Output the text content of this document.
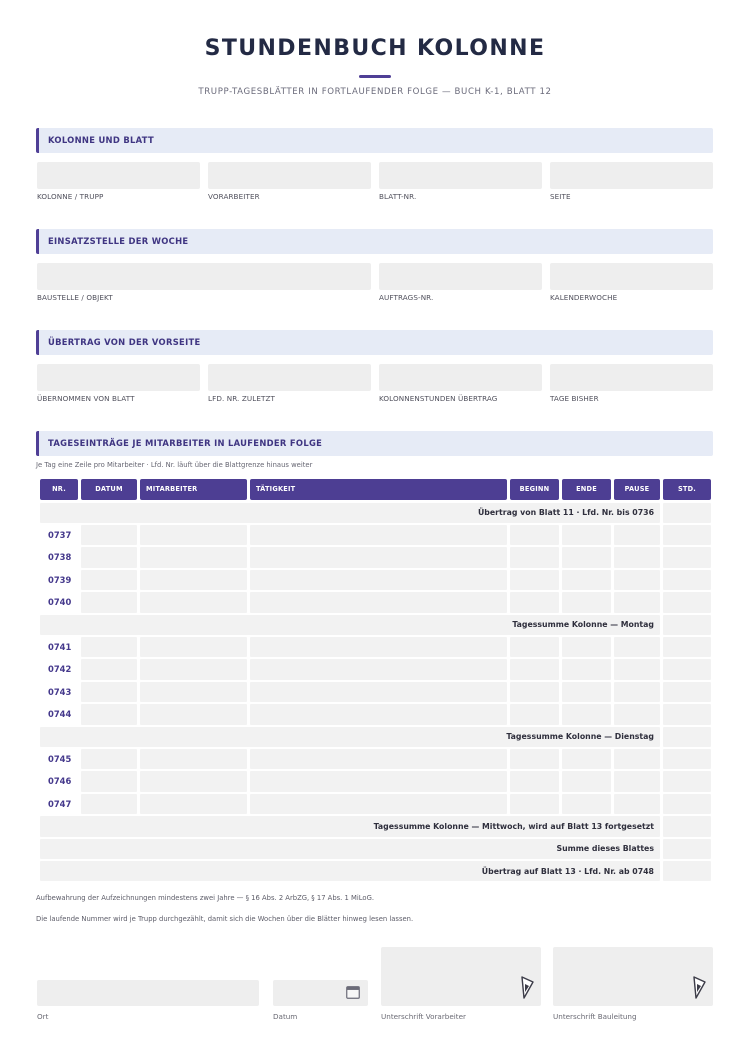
STUNDENBUCH KOLONNE
TRUPP-TAGESBLÄTTER IN FORTLAUFENDER FOLGE — BUCH K-1, BLATT 12
KOLONNE UND BLATT
KOLONNE / TRUPP	VORARBEITER	BLATT-NR.	SEITE
EINSATZSTELLE DER WOCHE
BAUSTELLE / OBJEKT	AUFTRAGS-NR.	KALENDERWOCHE
ÜBERTRAG VON DER VORSEITE
ÜBERNOMMEN VON BLATT	LFD. NR. ZULETZT	KOLONNENSTUNDEN ÜBERTRAG	TAGE BISHER
TAGESEINTRÄGE JE MITARBEITER IN LAUFENDER FOLGE
Je Tag eine Zeile pro Mitarbeiter · Lfd. Nr. läuft über die Blattgrenze hinaus weiter
NR.	DATUM	MITARBEITER	TÄTIGKEIT	BEGINN	ENDE	PAUSE	STD.
Übertrag von Blatt 11 · Lfd. Nr. bis 0736
0737
0738
0739
0740
Tagessumme Kolonne — Montag
0741
0742
0743
0744
Tagessumme Kolonne — Dienstag
0745
0746
0747
Tagessumme Kolonne — Mittwoch, wird auf Blatt 13 fortgesetzt
Summe dieses Blattes
Übertrag auf Blatt 13 · Lfd. Nr. ab 0748
Aufbewahrung der Aufzeichnungen mindestens zwei Jahre — § 16 Abs. 2 ArbZG, § 17 Abs. 1 MiLoG.
Die laufende Nummer wird je Trupp durchgezählt, damit sich die Wochen über die Blätter hinweg lesen lassen.
Ort	Datum	Unterschrift Vorarbeiter	Unterschrift Bauleitung
